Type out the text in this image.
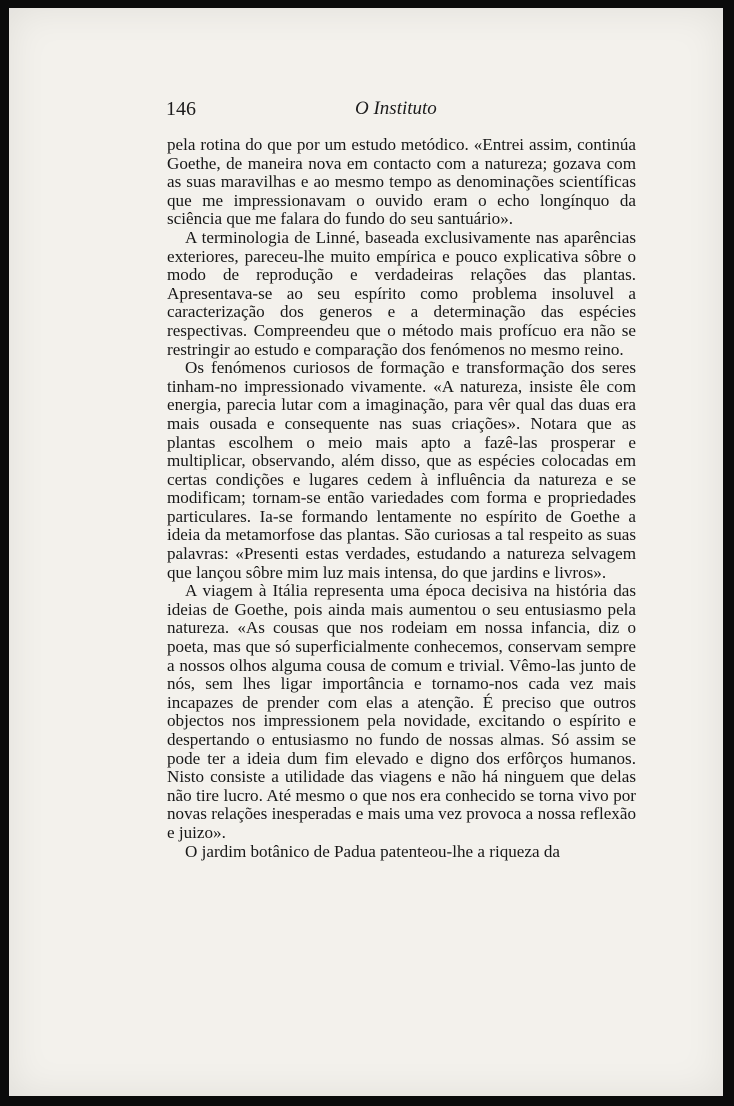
146	O Instituto

pela rotina do que por um estudo metódico. «Entrei assim, continúa Goethe, de maneira nova em contacto com a natureza; gozava com as suas maravilhas e ao mesmo tempo as denominações scientíficas que me impressionavam o ouvido eram o echo longínquo da sciência que me falara do fundo do seu santuário».

A terminologia de Linné, baseada exclusivamente nas aparências exteriores, pareceu-lhe muito empírica e pouco explicativa sôbre o modo de reprodução e verdadeiras relações das plantas. Apresentava-se ao seu espírito como problema insoluvel a caracterização dos generos e a determinação das espécies respectivas. Compreendeu que o método mais profícuo era não se restringir ao estudo e comparação dos fenómenos no mesmo reino.

Os fenómenos curiosos de formação e transformação dos seres tinham-no impressionado vivamente. «A natureza, insiste êle com energia, parecia lutar com a imaginação, para vêr qual das duas era mais ousada e consequente nas suas criações». Notara que as plantas escolhem o meio mais apto a fazê-las prosperar e multiplicar, observando, além disso, que as espécies colocadas em certas condições e lugares cedem à influência da natureza e se modificam; tornam-se então variedades com forma e propriedades particulares. Ia-se formando lentamente no espírito de Goethe a ideia da metamorfose das plantas. São curiosas a tal respeito as suas palavras: «Presenti estas verdades, estudando a natureza selvagem que lançou sôbre mim luz mais intensa, do que jardins e livros».

A viagem à Itália representa uma época decisiva na história das ideias de Goethe, pois ainda mais aumentou o seu entusiasmo pela natureza. «As cousas que nos rodeiam em nossa infancia, diz o poeta, mas que só superficialmente conhecemos, conservam sempre a nossos olhos alguma cousa de comum e trivial. Vêmo-las junto de nós, sem lhes ligar importância e tornamo-nos cada vez mais incapazes de prender com elas a atenção. É preciso que outros objectos nos impressionem pela novidade, excitando o espírito e despertando o entusiasmo no fundo de nossas almas. Só assim se pode ter a ideia dum fim elevado e digno dos erfôrços humanos. Nisto consiste a utilidade das viagens e não há ninguem que delas não tire lucro. Até mesmo o que nos era conhecido se torna vivo por novas relações inesperadas e mais uma vez provoca a nossa reflexão e juizo».

O jardim botânico de Padua patenteou-lhe a riqueza da
